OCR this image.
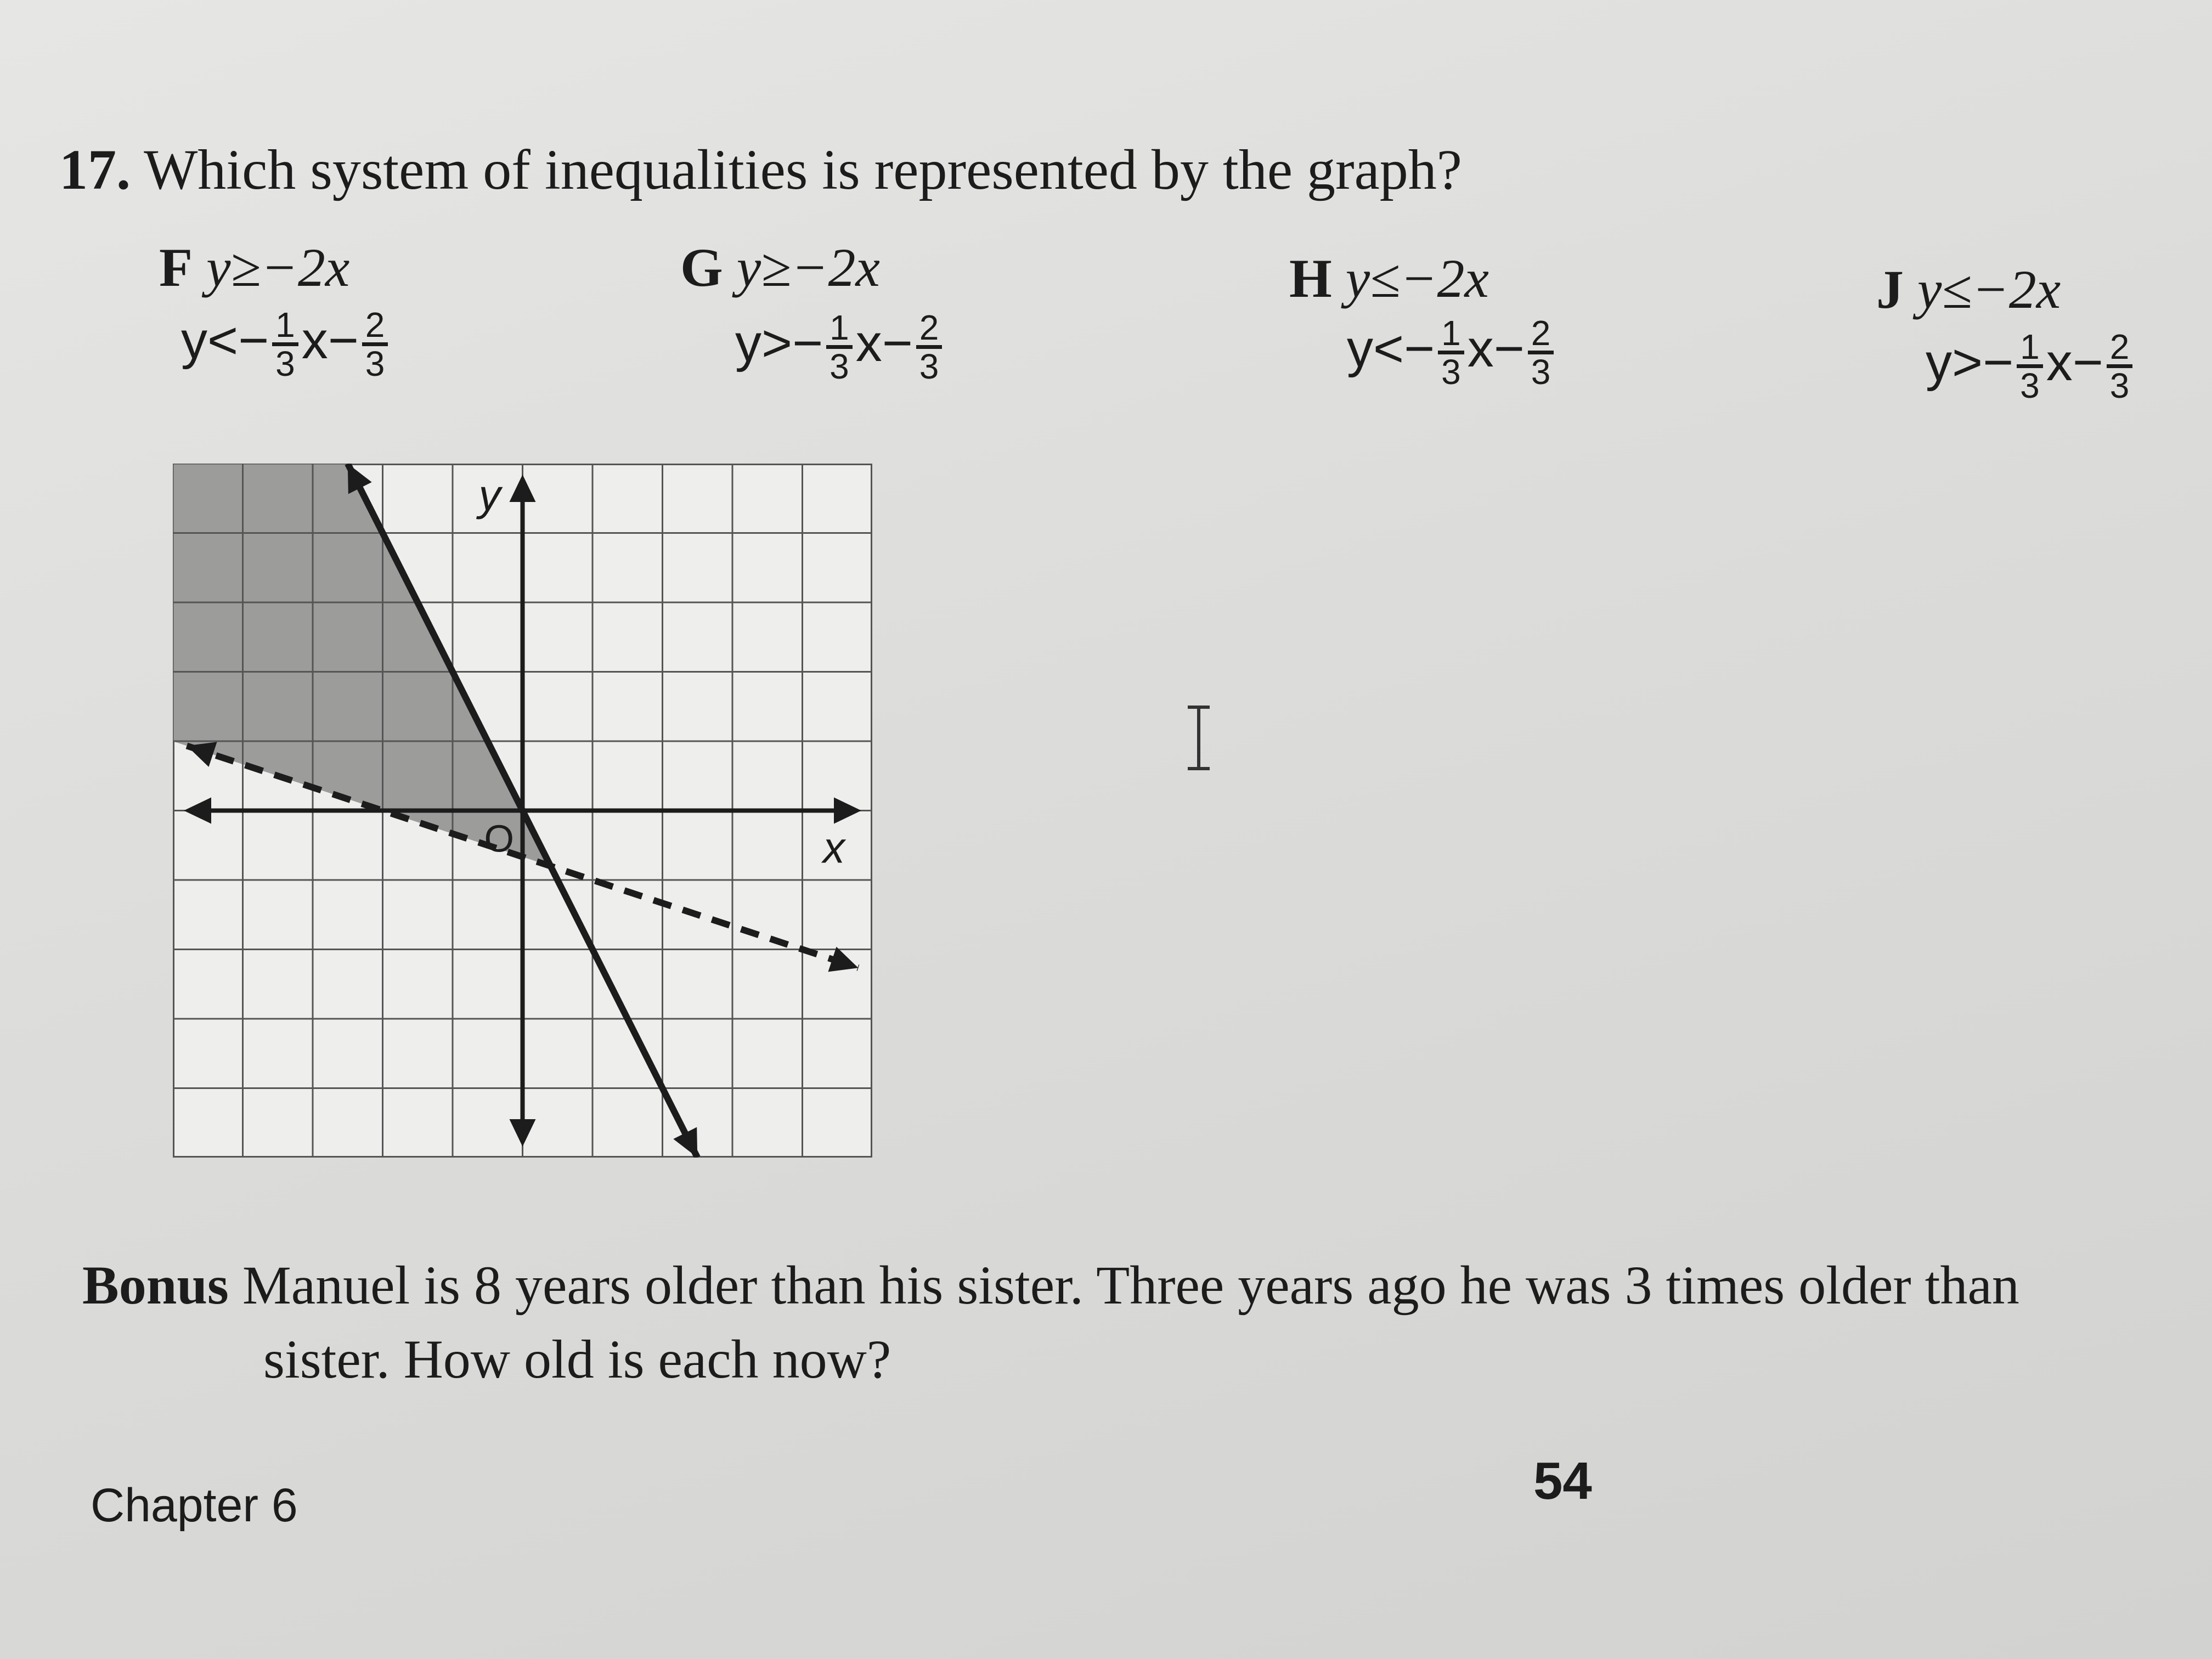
17. Which system of inequalities is represented by the graph?
F y≥−2x
$y<- \frac{1}{3} x- \frac{2}{3}$
G y≥−2x
$y>- \frac{1}{3} x- \frac{2}{3}$
H y≤−2x
$y<- \frac{1}{3} x- \frac{2}{3}$
J y≤−2x
$y>- \frac{1}{3} x- \frac{2}{3}$
x
y
O
Bonus Manuel is 8 years older than his sister. Three years ago he was 3 times older than
sister. How old is each now?
Chapter 6	54
